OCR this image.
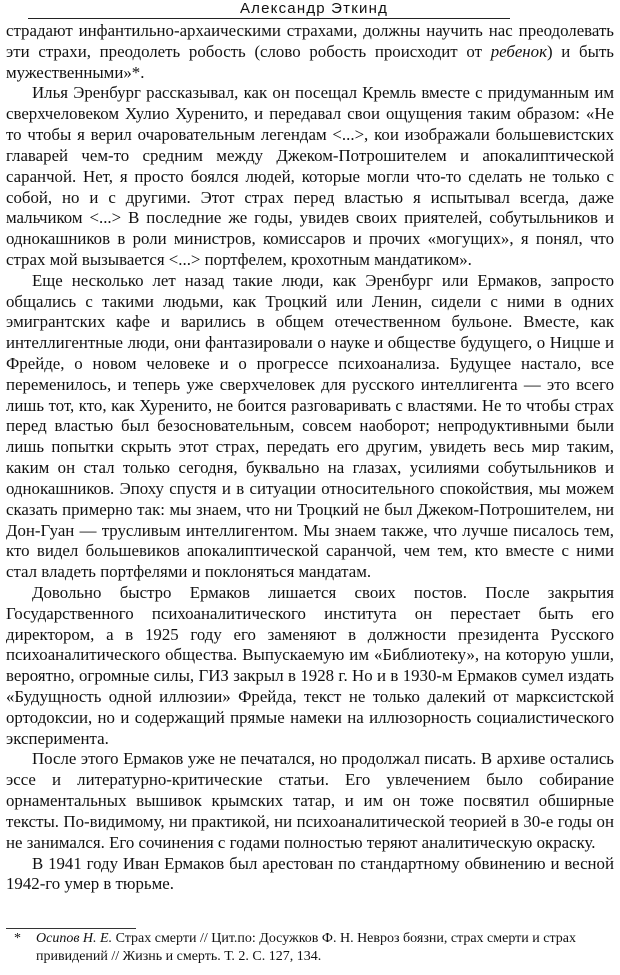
Александр Эткинд

страдают инфантильно-архаическими страхами, должны научить нас преодолевать эти страхи, преодолеть робость (слово робость происходит от ребенок) и быть мужественными»*.

Илья Эренбург рассказывал, как он посещал Кремль вместе с придуманным им сверхчеловеком Хулио Хуренито, и передавал свои ощущения таким образом: «Не то чтобы я верил очаровательным легендам <...>, кои изображали большевистских главарей чем-то средним между Джеком-Потрошителем и апокалиптической саранчой. Нет, я просто боялся людей, которые могли что-то сделать не только с собой, но и с другими. Этот страх перед властью я испытывал всегда, даже мальчиком <...> В последние же годы, увидев своих приятелей, собутыльников и однокашников в роли министров, комиссаров и прочих «могущих», я понял, что страх мой вызывается <...> портфелем, крохотным мандатиком».

Еще несколько лет назад такие люди, как Эренбург или Ермаков, запросто общались с такими людьми, как Троцкий или Ленин, сидели с ними в одних эмигрантских кафе и варились в общем отечественном бульоне. Вместе, как интеллигентные люди, они фантазировали о науке и обществе будущего, о Ницше и Фрейде, о новом человеке и о прогрессе психоанализа. Будущее настало, все переменилось, и теперь уже сверхчеловек для русского интеллигента — это всего лишь тот, кто, как Хуренито, не боится разговаривать с властями. Не то чтобы страх перед властью был безосновательным, совсем наоборот; непродуктивными были лишь попытки скрыть этот страх, передать его другим, увидеть весь мир таким, каким он стал только сегодня, буквально на глазах, усилиями собутыльников и однокашников. Эпоху спустя и в ситуации относительного спокойствия, мы можем сказать примерно так: мы знаем, что ни Троцкий не был Джеком-Потрошителем, ни Дон-Гуан — трусливым интеллигентом. Мы знаем также, что лучше писалось тем, кто видел большевиков апокалиптической саранчой, чем тем, кто вместе с ними стал владеть портфелями и поклоняться мандатам.

Довольно быстро Ермаков лишается своих постов. После закрытия Государственного психоаналитического института он перестает быть его директором, а в 1925 году его заменяют в должности президента Русского психоаналитического общества. Выпускаемую им «Библиотеку», на которую ушли, вероятно, огромные силы, ГИЗ закрыл в 1928 г. Но и в 1930-м Ермаков сумел издать «Будущность одной иллюзии» Фрейда, текст не только далекий от марксистской ортодоксии, но и содержащий прямые намеки на иллюзорность социалистического эксперимента.

После этого Ермаков уже не печатался, но продолжал писать. В архиве остались эссе и литературно-критические статьи. Его увлечением было собирание орнаментальных вышивок крымских татар, и им он тоже посвятил обширные тексты. По-видимому, ни практикой, ни психоаналитической теорией в 30-е годы он не занимался. Его сочинения с годами полностью теряют аналитическую окраску.

В 1941 году Иван Ермаков был арестован по стандартному обвинению и весной 1942-го умер в тюрьме.

* Осипов Н. Е. Страх смерти // Цит.по: Досужков Ф. Н. Невроз боязни, страх смерти и страх привидений // Жизнь и смерть. Т. 2. С. 127, 134.
